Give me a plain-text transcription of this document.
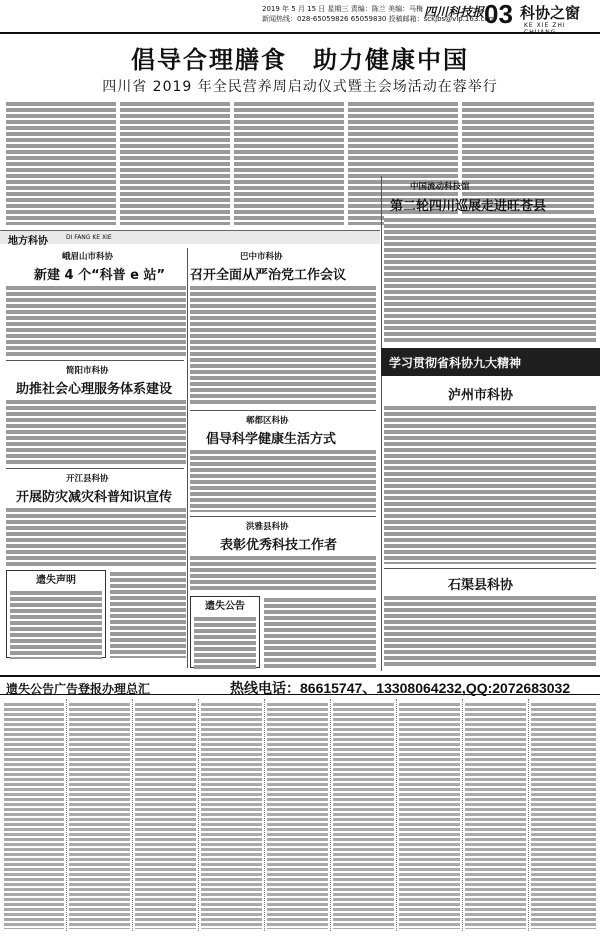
2019 年 5 月 15 日 星期三 责编：陈兰 美编：马梅
新闻热线：028-65059826 65059830 投稿邮箱：sckjbs@vip.163.com
四川科技报 03 科协之窗
KE XIE ZHI CHUANG
倡导合理膳食　助力健康中国
四川省 2019 年全民营养周启动仪式暨主会场活动在蓉举行
地方科协	DI FANG KE XIE
中国流动科技馆
第二轮四川巡展走进旺苍县
峨眉山市科协
新建 4 个“科普 e 站”
巴中市科协
召开全面从严治党工作会议
简阳市科协
助推社会心理服务体系建设
郫都区科协
倡导科学健康生活方式
开江县科协
开展防灾减灾科普知识宣传
洪雅县科协
表彰优秀科技工作者
遗失声明
遗失公告
学习贯彻省科协九大精神
泸州市科协
石渠县科协
遗失公告广告登报办理总汇	热线电话：86615747、13308064232,QQ:2072683032
